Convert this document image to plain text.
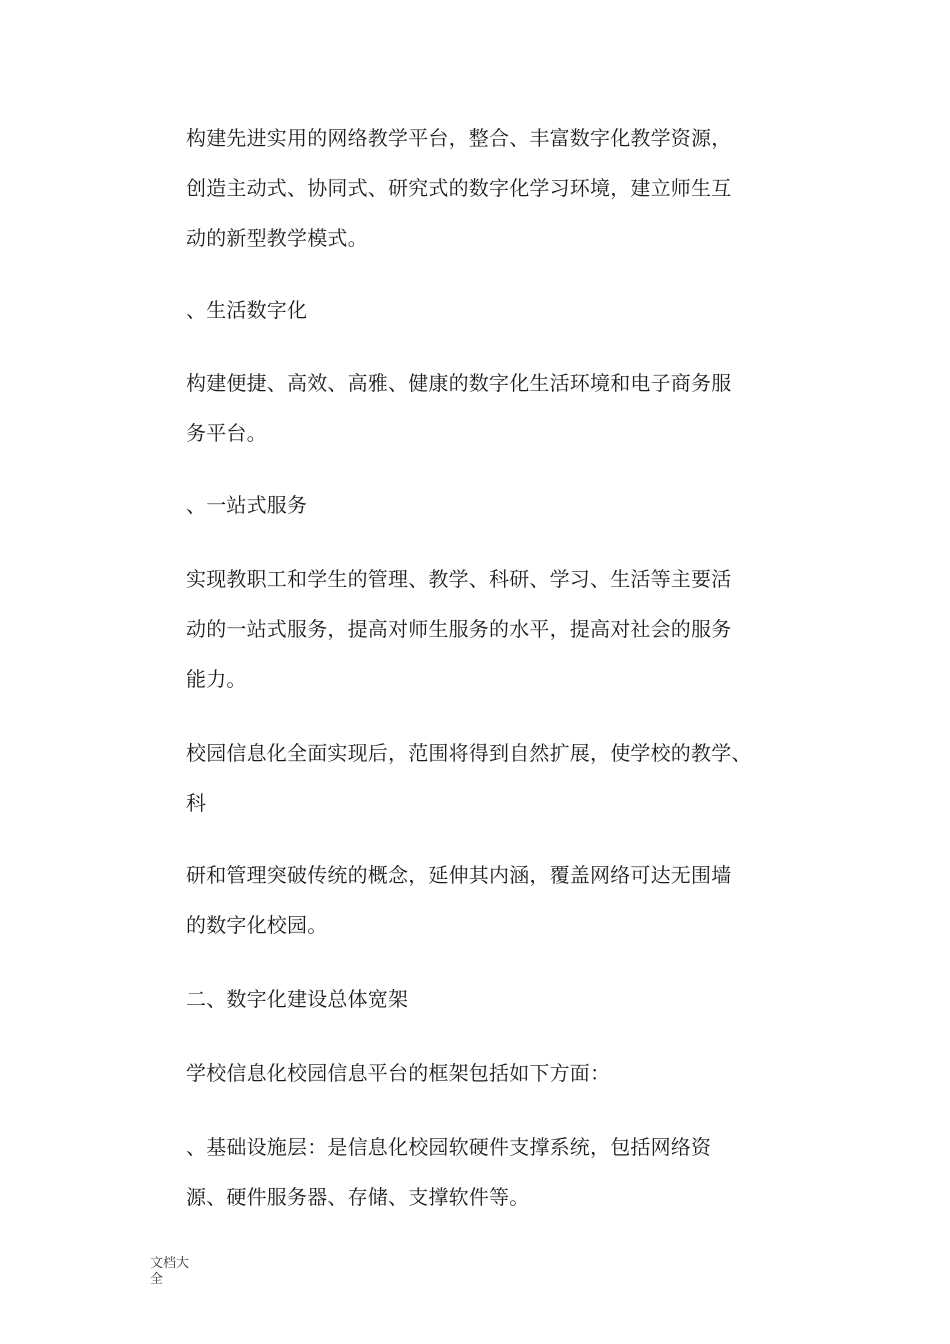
构建先进实用的网络教学平台，整合、丰富数字化教学资源，
创造主动式、协同式、研究式的数字化学习环境，建立师生互
动的新型教学模式。
、生活数字化
构建便捷、高效、高雅、健康的数字化生活环境和电子商务服
务平台。
、一站式服务
实现教职工和学生的管理、教学、科研、学习、生活等主要活
动的一站式服务，提高对师生服务的水平，提高对社会的服务
能力。
校园信息化全面实现后，范围将得到自然扩展，使学校的教学、
科
研和管理突破传统的概念，延伸其内涵，覆盖网络可达无围墙
的数字化校园。
二、数字化建设总体宽架
学校信息化校园信息平台的框架包括如下方面：
、基础设施层：是信息化校园软硬件支撑系统，包括网络资
源、硬件服务器、存储、支撑软件等。
文档大全
